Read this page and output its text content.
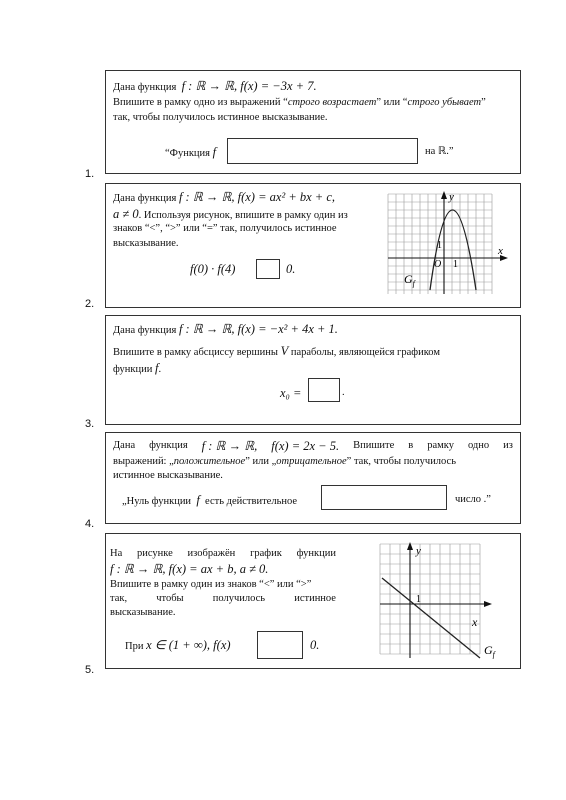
1.
Дана функция f : ℝ → ℝ, f(x) = −3x + 7.
Впишите в рамку одно из выражений “строго возрастает” или “строго убывает”
так, чтобы получилось истинное высказывание.
“Функция f	на ℝ.”
2.
Дана функция f : ℝ → ℝ, f(x) = ax² + bx + c,
a ≠ 0. Используя рисунок, впишите в рамку один из
знаков “<”, “>” или “=” так, получилось истинное
высказывание.
f(0) · f(4)	0.
y
x
1
O 1
$G_f$
3.
Дана функция f : ℝ → ℝ, f(x) = −x² + 4x + 1.
Впишите в рамку абсциссу вершины V параболы, являющейся графиком
функции f.
x₀ =	.
4.
Дана функция f : ℝ → ℝ, f(x) = 2x − 5. Впишите в рамку одно из
выражений: „положительное” или „отрицательное” так, чтобы получилось
истинное высказывание.
„Нуль функции f есть действительное	число .”
5.
На рисунке изображён график функции
f : ℝ → ℝ, f(x) = ax + b, a ≠ 0.
Впишите в рамку один из знаков “<” или “>”
так,	чтобы	получилось	истинное
высказывание.
При x ∈ (1 + ∞), f(x)	0.
y
x
1
$G_f$
